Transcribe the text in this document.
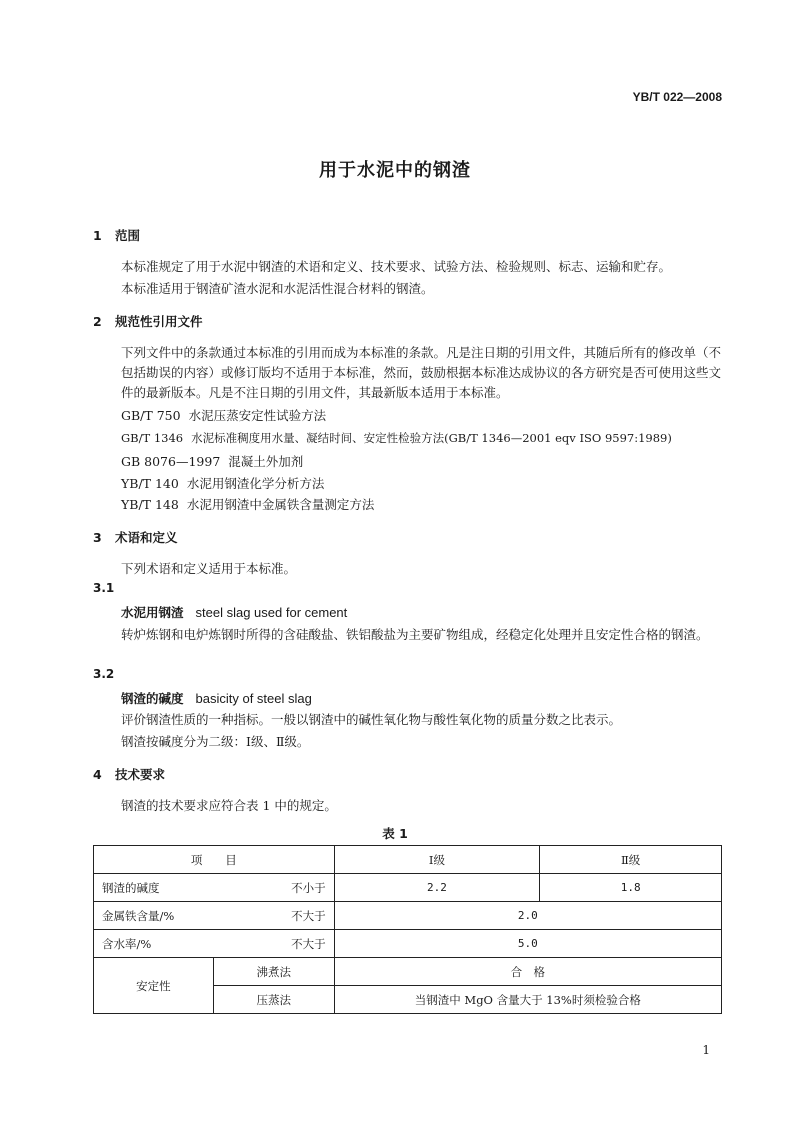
YB/T 022—2008
用于水泥中的钢渣
1 范围
本标准规定了用于水泥中钢渣的术语和定义、技术要求、试验方法、检验规则、标志、运输和贮存。
本标准适用于钢渣矿渣水泥和水泥活性混合材料的钢渣。
2 规范性引用文件
下列文件中的条款通过本标准的引用而成为本标准的条款。凡是注日期的引用文件，其随后所有的修改单（不包括勘误的内容）或修订版均不适用于本标准，然而，鼓励根据本标准达成协议的各方研究是否可使用这些文件的最新版本。凡是不注日期的引用文件，其最新版本适用于本标准。
GB/T 750 水泥压蒸安定性试验方法
GB/T 1346 水泥标准稠度用水量、凝结时间、安定性检验方法(GB/T 1346—2001 eqv ISO 9597:1989)
GB 8076—1997 混凝土外加剂
YB/T 140 水泥用钢渣化学分析方法
YB/T 148 水泥用钢渣中金属铁含量测定方法
3 术语和定义
下列术语和定义适用于本标准。
3.1
水泥用钢渣 steel slag used for cement
转炉炼钢和电炉炼钢时所得的含硅酸盐、铁铝酸盐为主要矿物组成，经稳定化处理并且安定性合格的钢渣。
3.2
钢渣的碱度 basicity of steel slag
评价钢渣性质的一种指标。一般以钢渣中的碱性氧化物与酸性氧化物的质量分数之比表示。
钢渣按碱度分为二级：Ⅰ级、Ⅱ级。
4 技术要求
钢渣的技术要求应符合表 1 中的规定。
表 1
项　　目		Ⅰ级	Ⅱ级
钢渣的碱度 不小于		2.2	1.8
金属铁含量/% 不大于		2.0	
含水率/% 不大于		5.0	
安定性	沸煮法	合　格	
	压蒸法	当钢渣中 MgO 含量大于 13%时须检验合格	
1
